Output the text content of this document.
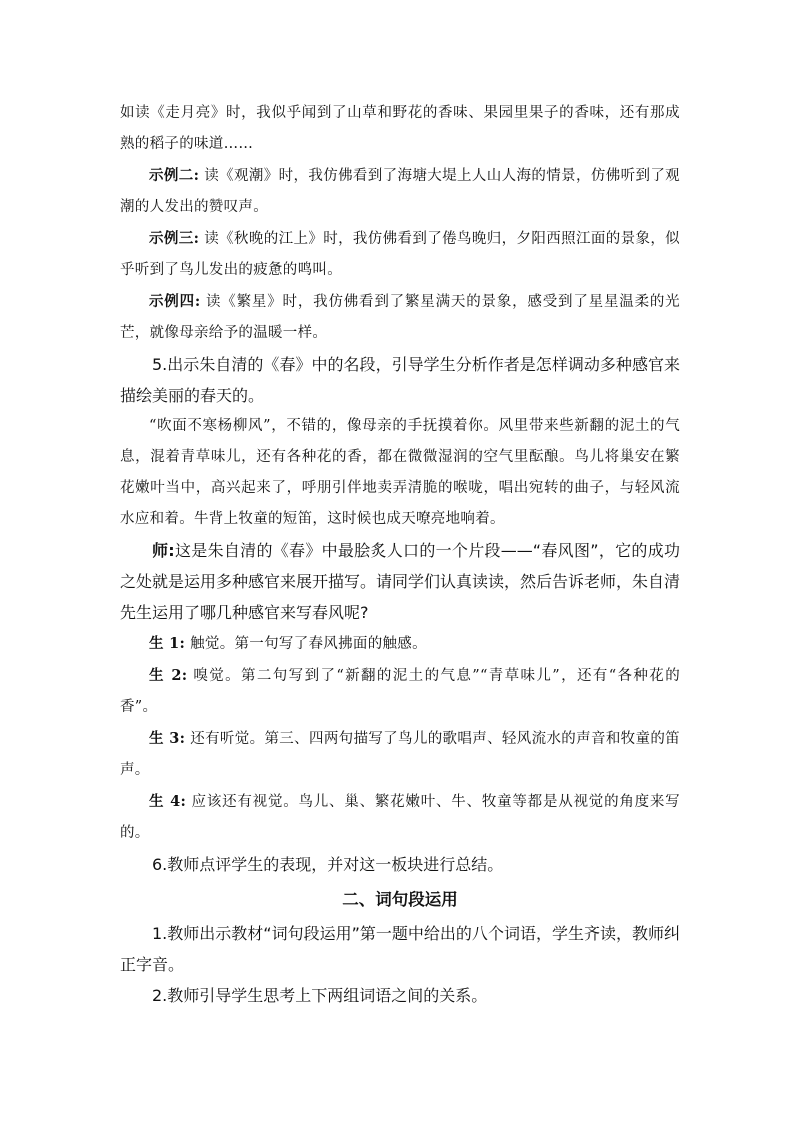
如读《走月亮》时，我似乎闻到了山草和野花的香味、果园里果子的香味，还有那成熟的稻子的味道……

示例二: 读《观潮》时，我仿佛看到了海塘大堤上人山人海的情景，仿佛听到了观潮的人发出的赞叹声。

示例三: 读《秋晚的江上》时，我仿佛看到了倦鸟晚归，夕阳西照江面的景象，似乎听到了鸟儿发出的疲惫的鸣叫。

示例四: 读《繁星》时，我仿佛看到了繁星满天的景象，感受到了星星温柔的光芒，就像母亲给予的温暖一样。

5.出示朱自清的《春》中的名段，引导学生分析作者是怎样调动多种感官来描绘美丽的春天的。

“吹面不寒杨柳风”，不错的，像母亲的手抚摸着你。风里带来些新翻的泥土的气息，混着青草味儿，还有各种花的香，都在微微湿润的空气里酝酿。鸟儿将巢安在繁花嫩叶当中，高兴起来了，呼朋引伴地卖弄清脆的喉咙，唱出宛转的曲子，与轻风流水应和着。牛背上牧童的短笛，这时候也成天嘹亮地响着。

师:这是朱自清的《春》中最脍炙人口的一个片段——“春风图”，它的成功之处就是运用多种感官来展开描写。请同学们认真读读，然后告诉老师，朱自清先生运用了哪几种感官来写春风呢?

生 1: 触觉。第一句写了春风拂面的触感。

生 2: 嗅觉。第二句写到了“新翻的泥土的气息”“青草味儿”，还有“各种花的香”。

生 3: 还有听觉。第三、四两句描写了鸟儿的歌唱声、轻风流水的声音和牧童的笛声。

生 4: 应该还有视觉。鸟儿、巢、繁花嫩叶、牛、牧童等都是从视觉的角度来写的。

6.教师点评学生的表现，并对这一板块进行总结。

二、词句段运用

1.教师出示教材“词句段运用”第一题中给出的八个词语，学生齐读，教师纠正字音。

2.教师引导学生思考上下两组词语之间的关系。
